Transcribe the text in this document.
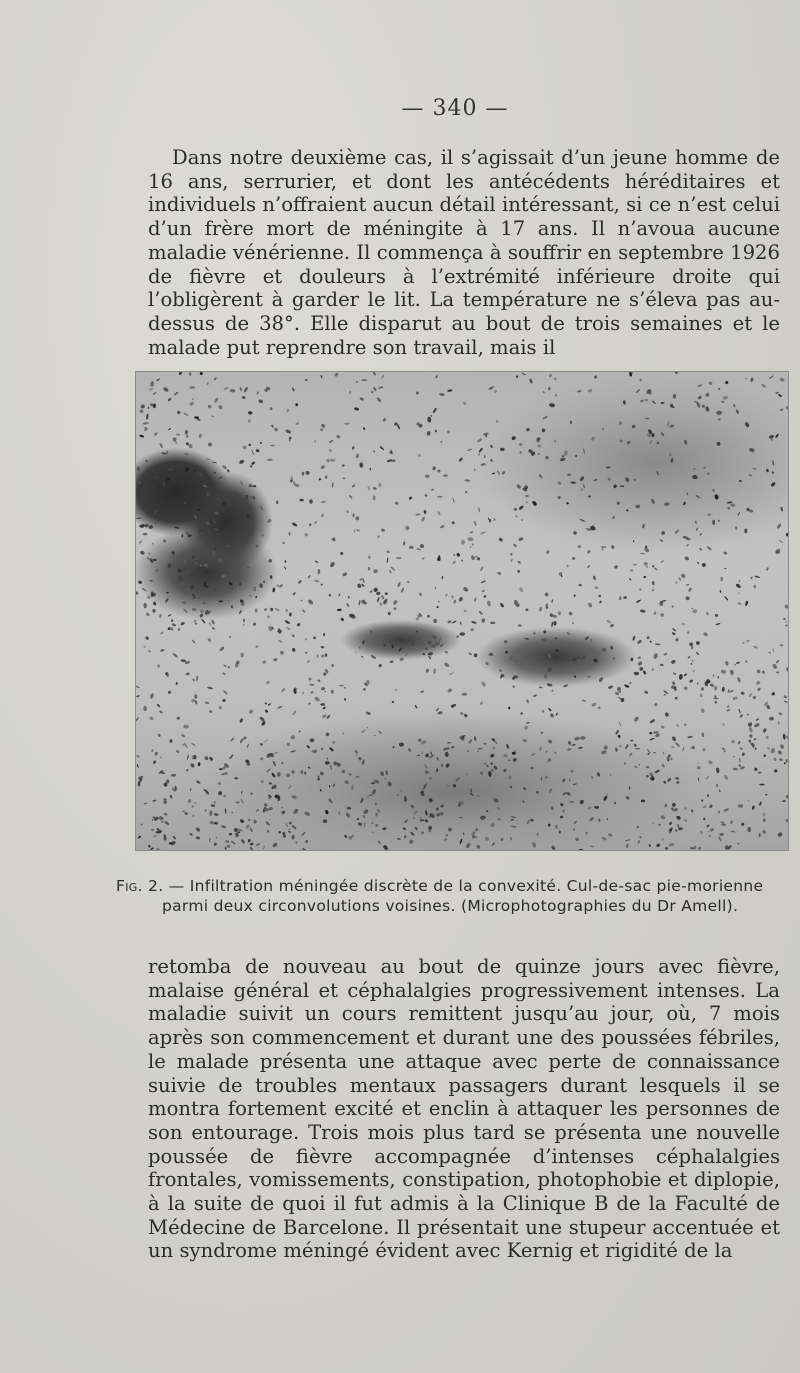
— 340 —

Dans notre deuxième cas, il s’agissait d’un jeune homme de 16 ans, serrurier, et dont les antécédents héréditaires et individuels n’offraient aucun détail intéressant, si ce n’est celui d’un frère mort de méningite à 17 ans. Il n’avoua aucune maladie vénérienne. Il commença à souffrir en septembre 1926 de fièvre et douleurs à l’extrémité inférieure droite qui l’obligèrent à garder le lit. La température ne s’éleva pas au-dessus de 38°. Elle disparut au bout de trois semaines et le malade put reprendre son travail, mais il

Fig. 2. — Infiltration méningée discrète de la convexité. Cul-de-sac pie-morienne
parmi deux circonvolutions voisines. (Microphotographies du Dr Amell).

retomba de nouveau au bout de quinze jours avec fièvre, malaise général et céphalalgies progressivement intenses. La maladie suivit un cours remittent jusqu’au jour, où, 7 mois après son commencement et durant une des poussées fébriles, le malade présenta une attaque avec perte de connaissance suivie de troubles mentaux passagers durant lesquels il se montra fortement excité et enclin à attaquer les personnes de son entourage. Trois mois plus tard se présenta une nouvelle poussée de fièvre accompagnée d’intenses céphalalgies frontales, vomissements, constipation, photophobie et diplopie, à la suite de quoi il fut admis à la Clinique B de la Faculté de Médecine de Barcelone. Il présentait une stupeur accentuée et un syndrome méningé évident avec Kernig et rigidité de la
